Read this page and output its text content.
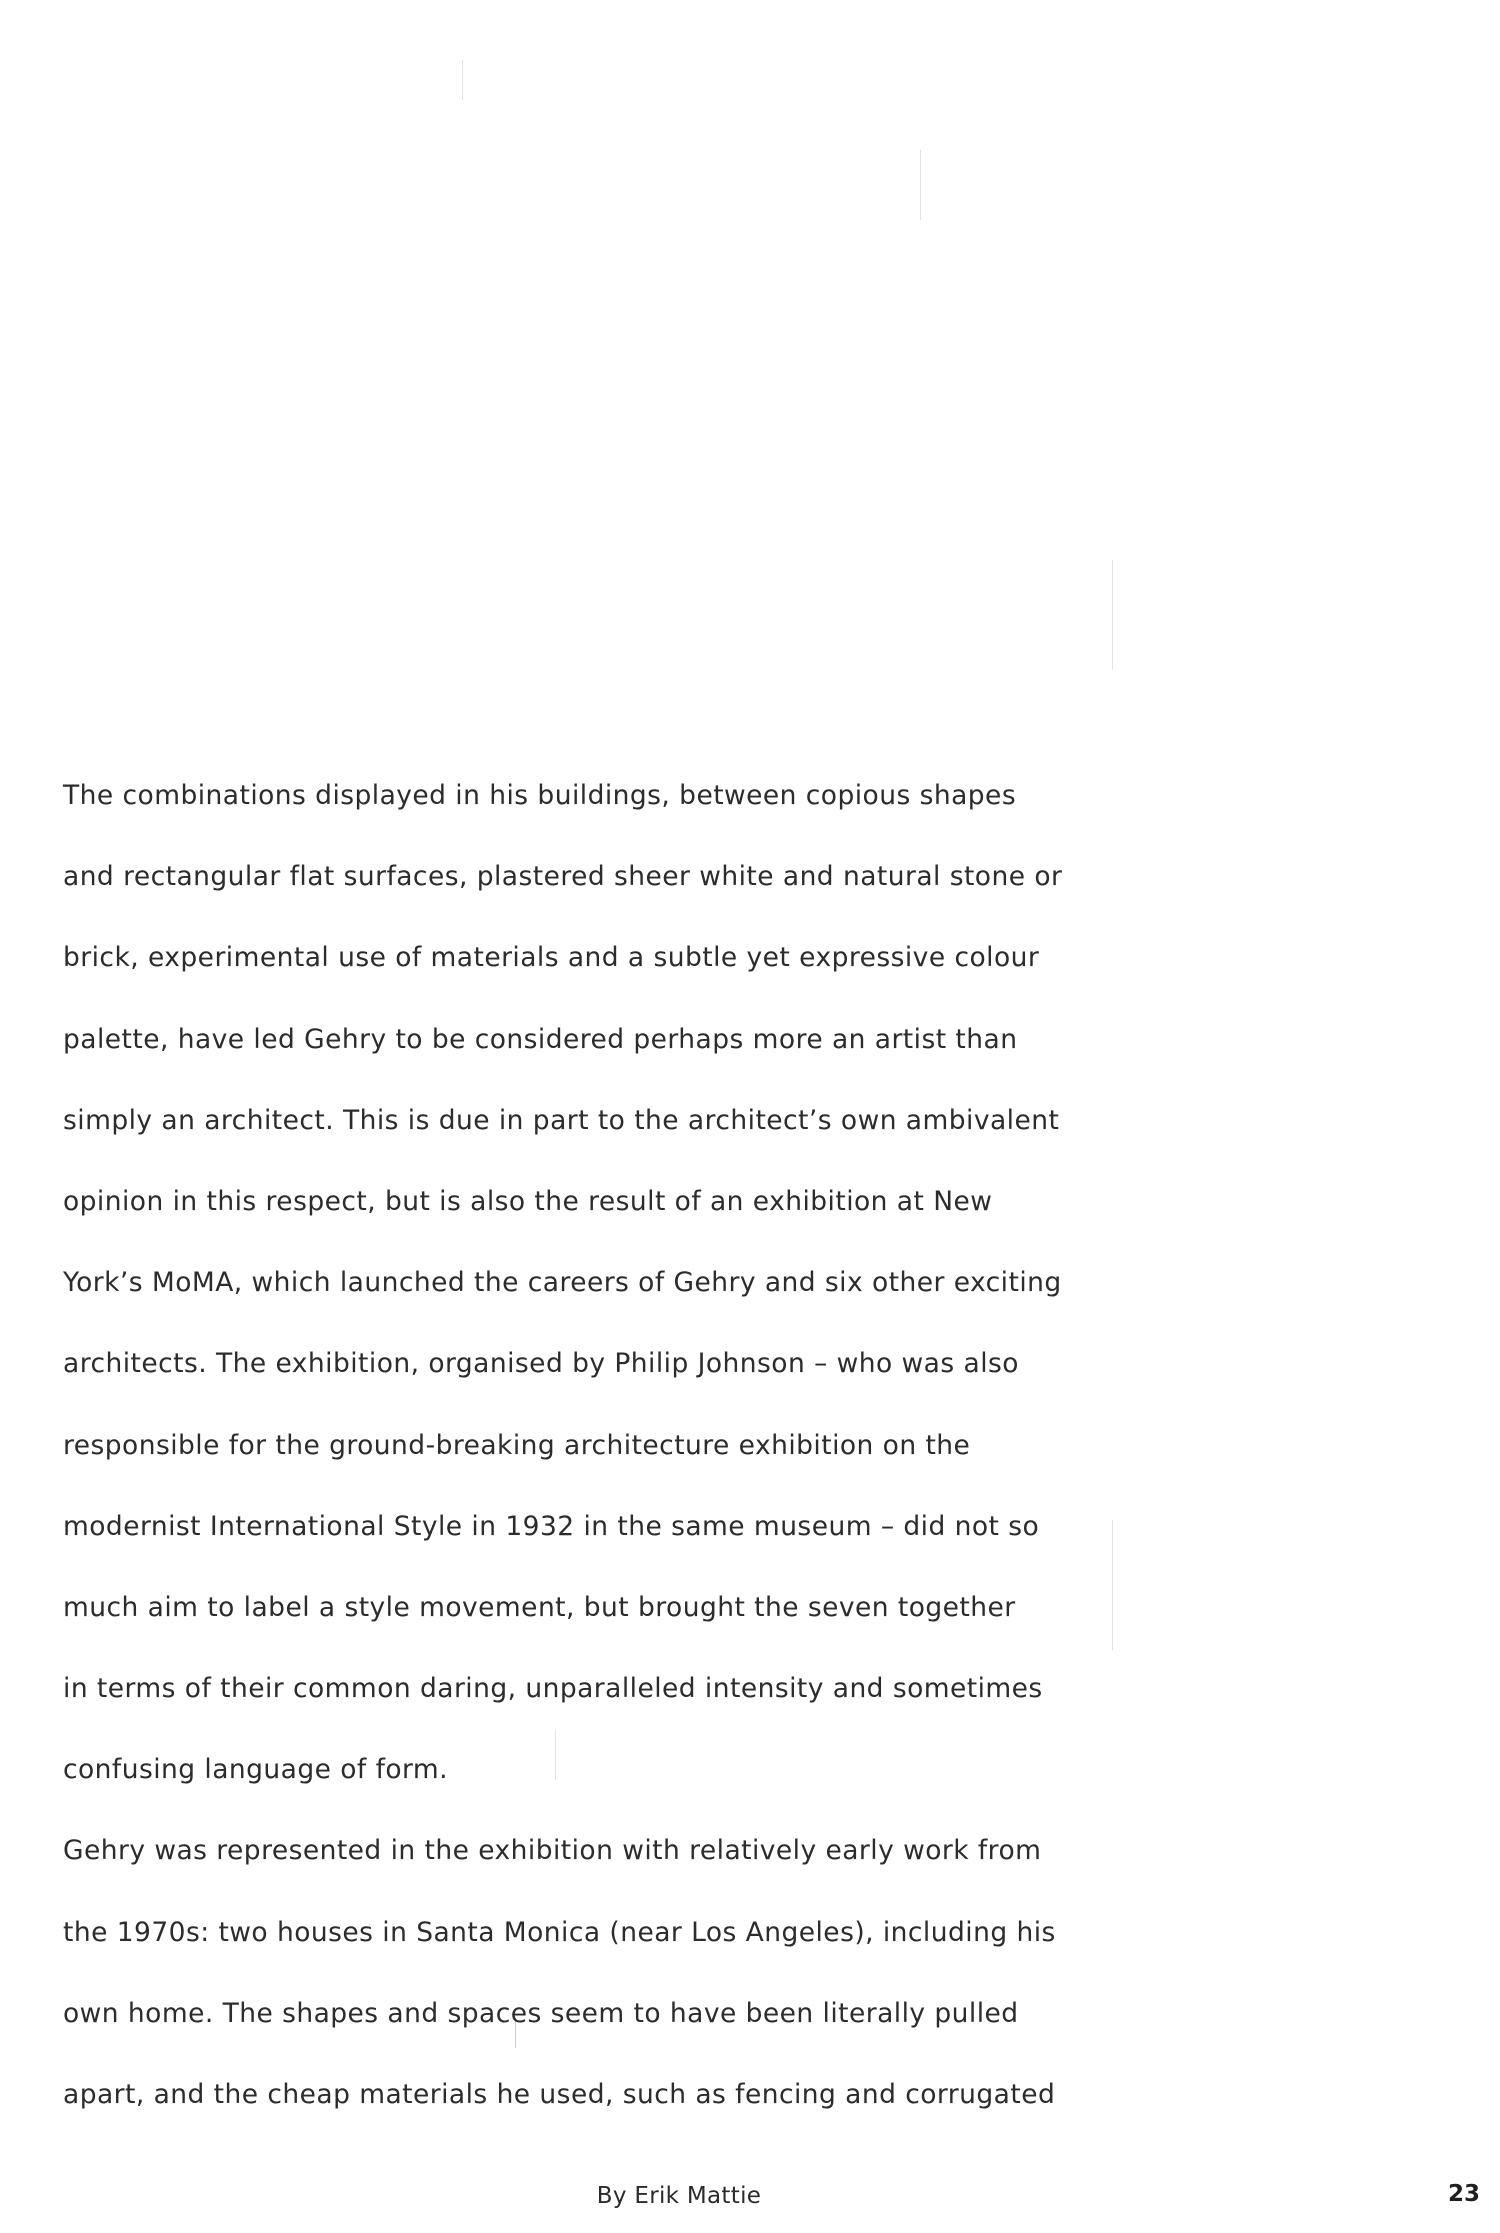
The combinations displayed in his buildings, between copious shapes
and rectangular flat surfaces, plastered sheer white and natural stone or
brick, experimental use of materials and a subtle yet expressive colour
palette, have led Gehry to be considered perhaps more an artist than
simply an architect. This is due in part to the architect’s own ambivalent
opinion in this respect, but is also the result of an exhibition at New
York’s MoMA, which launched the careers of Gehry and six other exciting
architects. The exhibition, organised by Philip Johnson – who was also
responsible for the ground-breaking architecture exhibition on the
modernist International Style in 1932 in the same museum – did not so
much aim to label a style movement, but brought the seven together
in terms of their common daring, unparalleled intensity and sometimes
confusing language of form.
Gehry was represented in the exhibition with relatively early work from
the 1970s: two houses in Santa Monica (near Los Angeles), including his
own home. The shapes and spaces seem to have been literally pulled
apart, and the cheap materials he used, such as fencing and corrugated
By Erik Mattie	23
